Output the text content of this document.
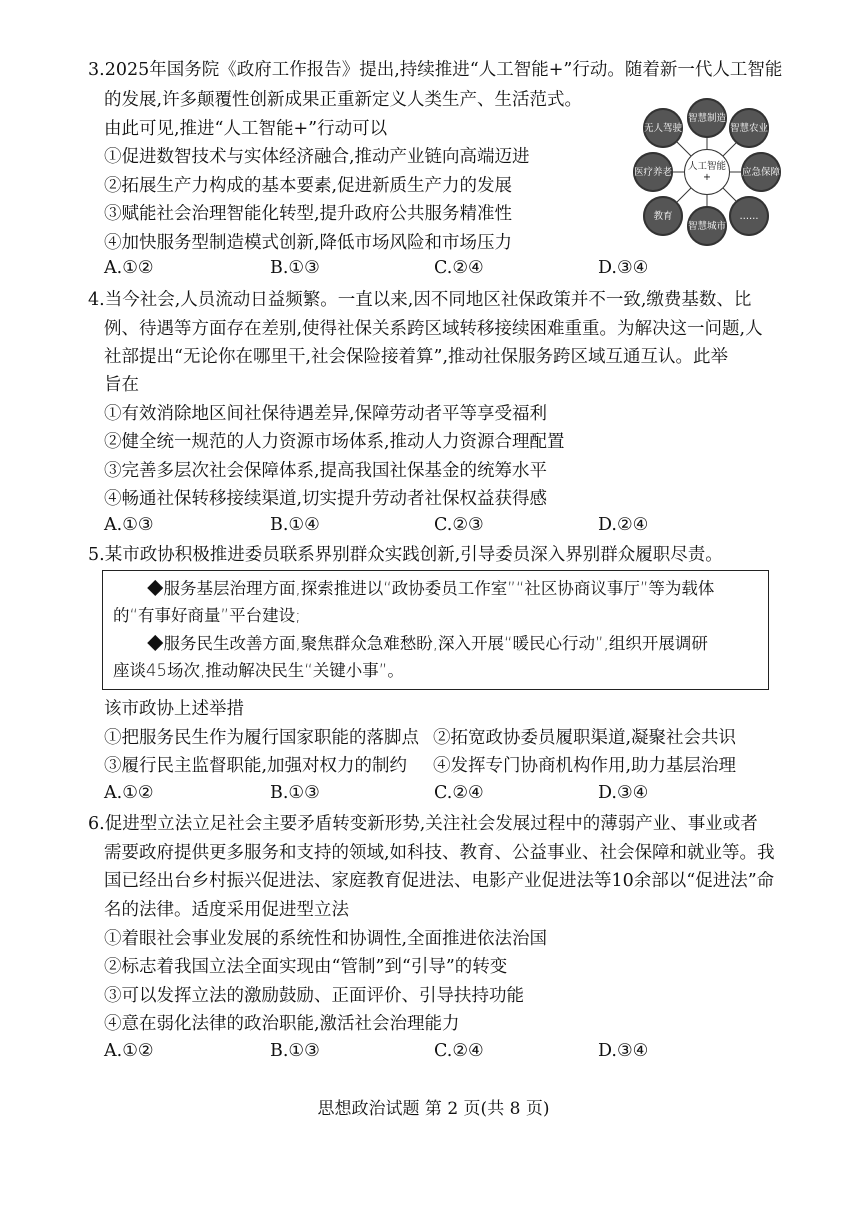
3.2025年国务院《政府工作报告》提出,持续推进“人工智能+”行动。随着新一代人工智能
的发展,许多颠覆性创新成果正重新定义人类生产、生活范式。
由此可见,推进“人工智能+”行动可以
①促进数智技术与实体经济融合,推动产业链向高端迈进
②拓展生产力构成的基本要素,促进新质生产力的发展
③赋能社会治理智能化转型,提升政府公共服务精准性
④加快服务型制造模式创新,降低市场风险和市场压力
A.①②	B.①③	C.②④	D.③④
人工智能+
智慧制造
智慧农业
应急保障
……
智慧城市
教育
医疗养老
无人驾驶
4.当今社会,人员流动日益频繁。一直以来,因不同地区社保政策并不一致,缴费基数、比
例、待遇等方面存在差别,使得社保关系跨区域转移接续困难重重。为解决这一问题,人
社部提出“无论你在哪里干,社会保险接着算”,推动社保服务跨区域互通互认。此举
旨在
①有效消除地区间社保待遇差异,保障劳动者平等享受福利
②健全统一规范的人力资源市场体系,推动人力资源合理配置
③完善多层次社会保障体系,提高我国社保基金的统筹水平
④畅通社保转移接续渠道,切实提升劳动者社保权益获得感
A.①③	B.①④	C.②③	D.②④
5.某市政协积极推进委员联系界别群众实践创新,引导委员深入界别群众履职尽责。
◆服务基层治理方面,探索推进以“政协委员工作室”“社区协商议事厅”等为载体
的“有事好商量”平台建设;
◆服务民生改善方面,聚焦群众急难愁盼,深入开展“暖民心行动”,组织开展调研
座谈45场次,推动解决民生“关键小事”。
该市政协上述举措
①把服务民生作为履行国家职能的落脚点 ②拓宽政协委员履职渠道,凝聚社会共识
③履行民主监督职能,加强对权力的制约 ④发挥专门协商机构作用,助力基层治理
A.①②	B.①③	C.②④	D.③④
6.促进型立法立足社会主要矛盾转变新形势,关注社会发展过程中的薄弱产业、事业或者
需要政府提供更多服务和支持的领域,如科技、教育、公益事业、社会保障和就业等。我
国已经出台乡村振兴促进法、家庭教育促进法、电影产业促进法等10余部以“促进法”命
名的法律。适度采用促进型立法
①着眼社会事业发展的系统性和协调性,全面推进依法治国
②标志着我国立法全面实现由“管制”到“引导”的转变
③可以发挥立法的激励鼓励、正面评价、引导扶持功能
④意在弱化法律的政治职能,激活社会治理能力
A.①②	B.①③	C.②④	D.③④
思想政治试题 第 2 页(共 8 页)
